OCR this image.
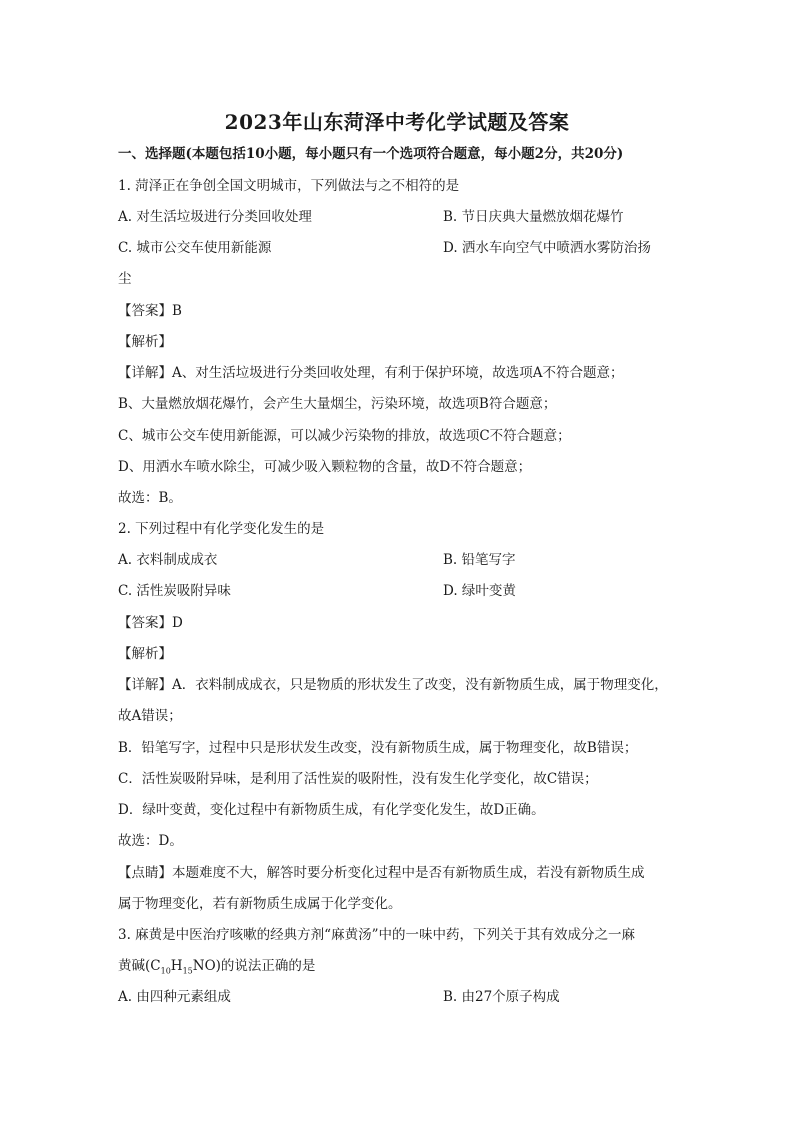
2023年山东菏泽中考化学试题及答案
一、选择题(本题包括10小题，每小题只有一个选项符合题意，每小题2分，共20分)
1. 菏泽正在争创全国文明城市，下列做法与之不相符的是
A. 对生活垃圾进行分类回收处理	B. 节日庆典大量燃放烟花爆竹
C. 城市公交车使用新能源	D. 洒水车向空气中喷洒水雾防治扬
尘
【答案】B
【解析】
【详解】A、对生活垃圾进行分类回收处理，有利于保护环境，故选项A不符合题意；
B、大量燃放烟花爆竹，会产生大量烟尘，污染环境，故选项B符合题意；
C、城市公交车使用新能源，可以减少污染物的排放，故选项C不符合题意；
D、用洒水车喷水除尘，可减少吸入颗粒物的含量，故D不符合题意；
故选：B。
2. 下列过程中有化学变化发生的是
A. 衣料制成成衣	B. 铅笔写字
C. 活性炭吸附异味	D. 绿叶变黄
【答案】D
【解析】
【详解】A．衣料制成成衣，只是物质的形状发生了改变，没有新物质生成，属于物理变化，
故A错误；
B．铅笔写字，过程中只是形状发生改变，没有新物质生成，属于物理变化，故B错误；
C．活性炭吸附异味，是利用了活性炭的吸附性，没有发生化学变化，故C错误；
D．绿叶变黄，变化过程中有新物质生成，有化学变化发生，故D正确。
故选：D。
【点睛】本题难度不大，解答时要分析变化过程中是否有新物质生成，若没有新物质生成
属于物理变化，若有新物质生成属于化学变化。
3. 麻黄是中医治疗咳嗽的经典方剂“麻黄汤”中的一味中药，下列关于其有效成分之一麻
黄碱$(C_{10}H_{15}NO)$的说法正确的是
A. 由四种元素组成	B. 由27个原子构成
